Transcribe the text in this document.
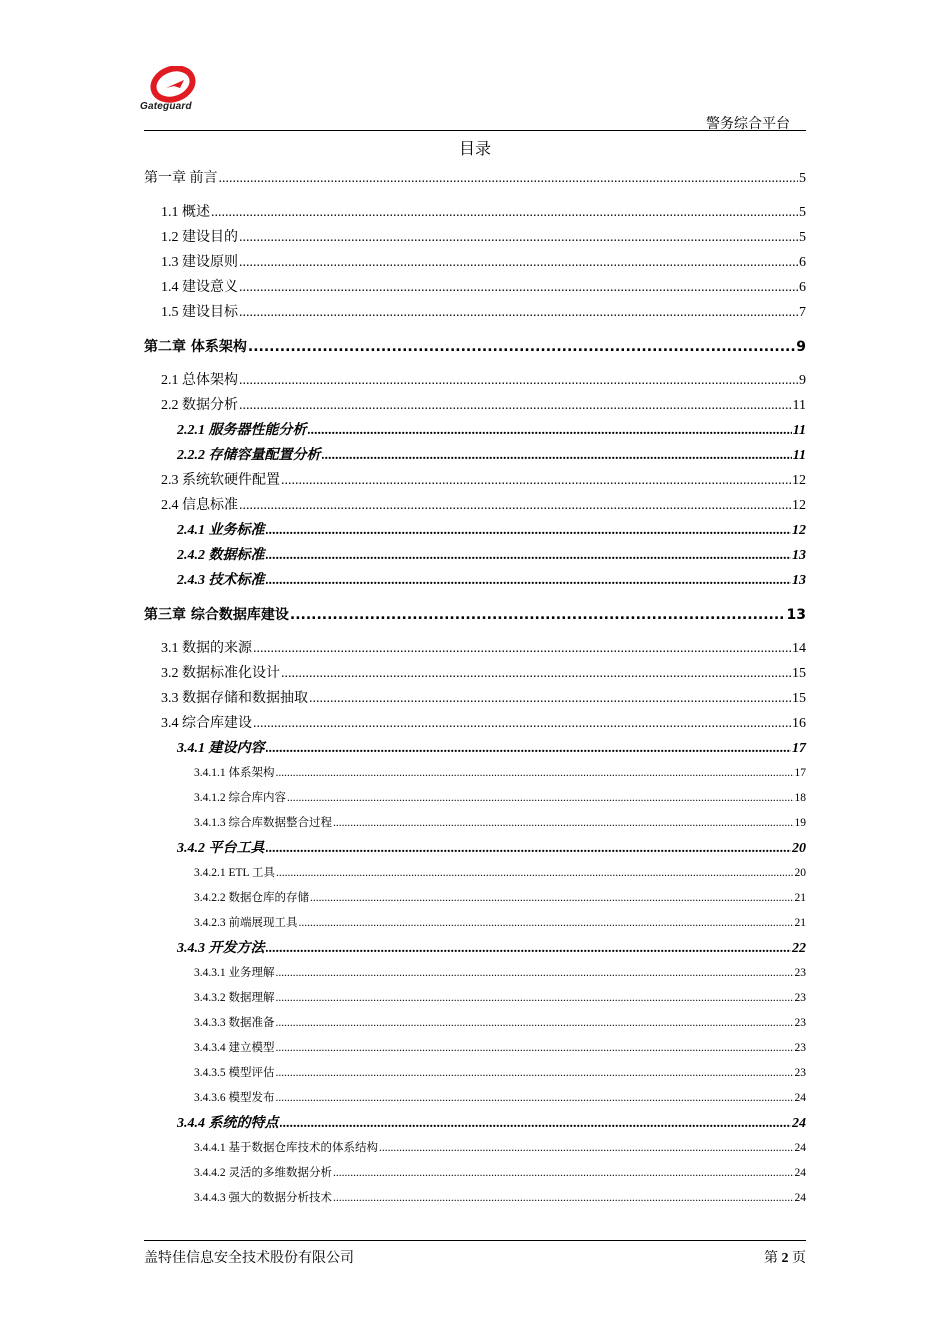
Gateguard
警务综合平台
目录
第一章 前言 .....	5
1.1 概述 .....	5
1.2 建设目的 .....	5
1.3 建设原则 .....	6
1.4 建设意义 .....	6
1.5 建设目标 .....	7
第二章 体系架构 .....	9
2.1 总体架构 .....	9
2.2 数据分析 .....	11
2.2.1 服务器性能分析 .....	11
2.2.2 存储容量配置分析 .....	11
2.3 系统软硬件配置 .....	12
2.4 信息标准 .....	12
2.4.1 业务标准 .....	12
2.4.2 数据标准 .....	13
2.4.3 技术标准 .....	13
第三章 综合数据库建设 .....	13
3.1 数据的来源 .....	14
3.2 数据标准化设计 .....	15
3.3 数据存储和数据抽取 .....	15
3.4 综合库建设 .....	16
3.4.1 建设内容 .....	17
3.4.1.1 体系架构 .....	17
3.4.1.2 综合库内容 .....	18
3.4.1.3 综合库数据整合过程 .....	19
3.4.2 平台工具 .....	20
3.4.2.1 ETL 工具 .....	20
3.4.2.2 数据仓库的存储 .....	21
3.4.2.3 前端展现工具 .....	21
3.4.3 开发方法 .....	22
3.4.3.1 业务理解 .....	23
3.4.3.2 数据理解 .....	23
3.4.3.3 数据准备 .....	23
3.4.3.4 建立模型 .....	23
3.4.3.5 模型评估 .....	23
3.4.3.6 模型发布 .....	24
3.4.4 系统的特点 .....	24
3.4.4.1 基于数据仓库技术的体系结构 .....	24
3.4.4.2 灵活的多维数据分析 .....	24
3.4.4.3 强大的数据分析技术 .....	24
盖特佳信息安全技术股份有限公司	第 2 页
